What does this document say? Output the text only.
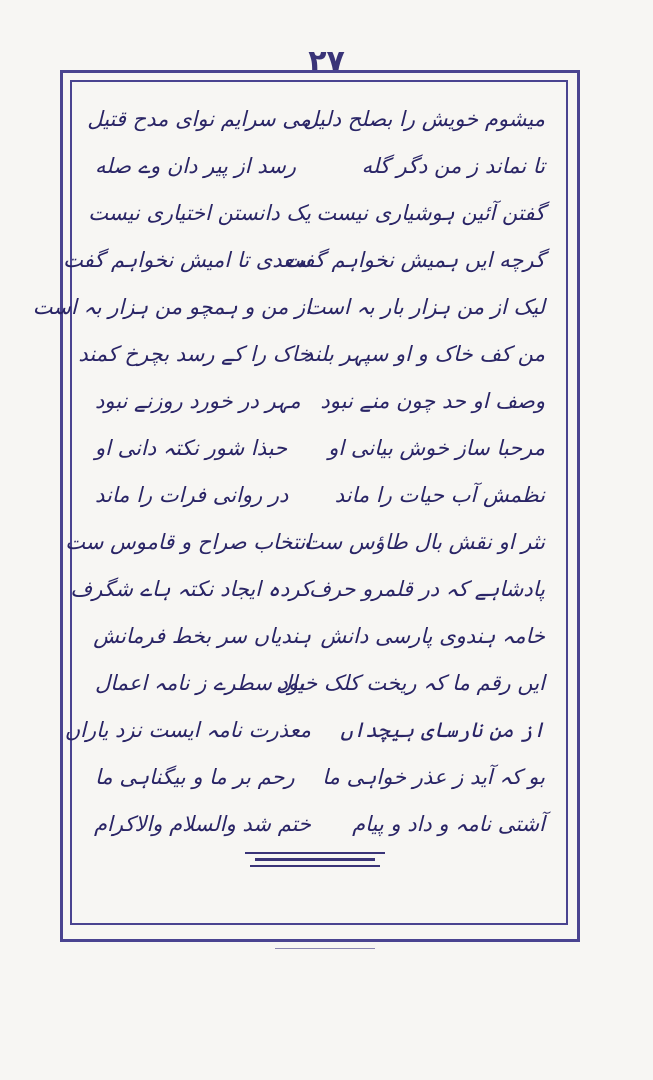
۲۷
میشوم خویش را بصلح دلیل
می سرایم نوای مدح قتیل
تا نماند ز من دگر گله
رسد از پیر دان وے صله
گفتن آئین ہوشیاری نیست
یک دانستن اختیاری نیست
گرچه ایں ہمیش نخواہم گفت
سعدی تا امیش نخواہم گفت
لیک از من ہزار بار بہ است
از من و ہمچو من ہزار بہ است
من کف خاک و او سپہر بلند
خاک را کے رسد بچرخ کمند
وصف او حد چون منے نبود
مہر در خورد روزنے نبود
مرحبا ساز خوش بیانی او
حبذا شور نکتہ دانی او
نظمش آب حیات را ماند
در روانی فرات را ماند
نثر او نقش بال طاؤس ست
انتخاب صراح و قاموس ست
پادشاہے کہ در قلمرو حرف
کردہ ایجاد نکتہ ہاے شگرف
خامہ ہندوی پارسی دانش
ہندیاں سر بخط فرمانش
ایں رقم ما کہ ریخت کلک خیال
بود سطرے ز نامہ اعمال
از من نارسای ہیچداں
معذرت نامہ ایست نزد یاراں
بو کہ آید ز عذر خواہی ما
رحم بر ما و بیگناہی ما
آشتی نامہ و داد و پیام
ختم شد والسلام والاکرام
